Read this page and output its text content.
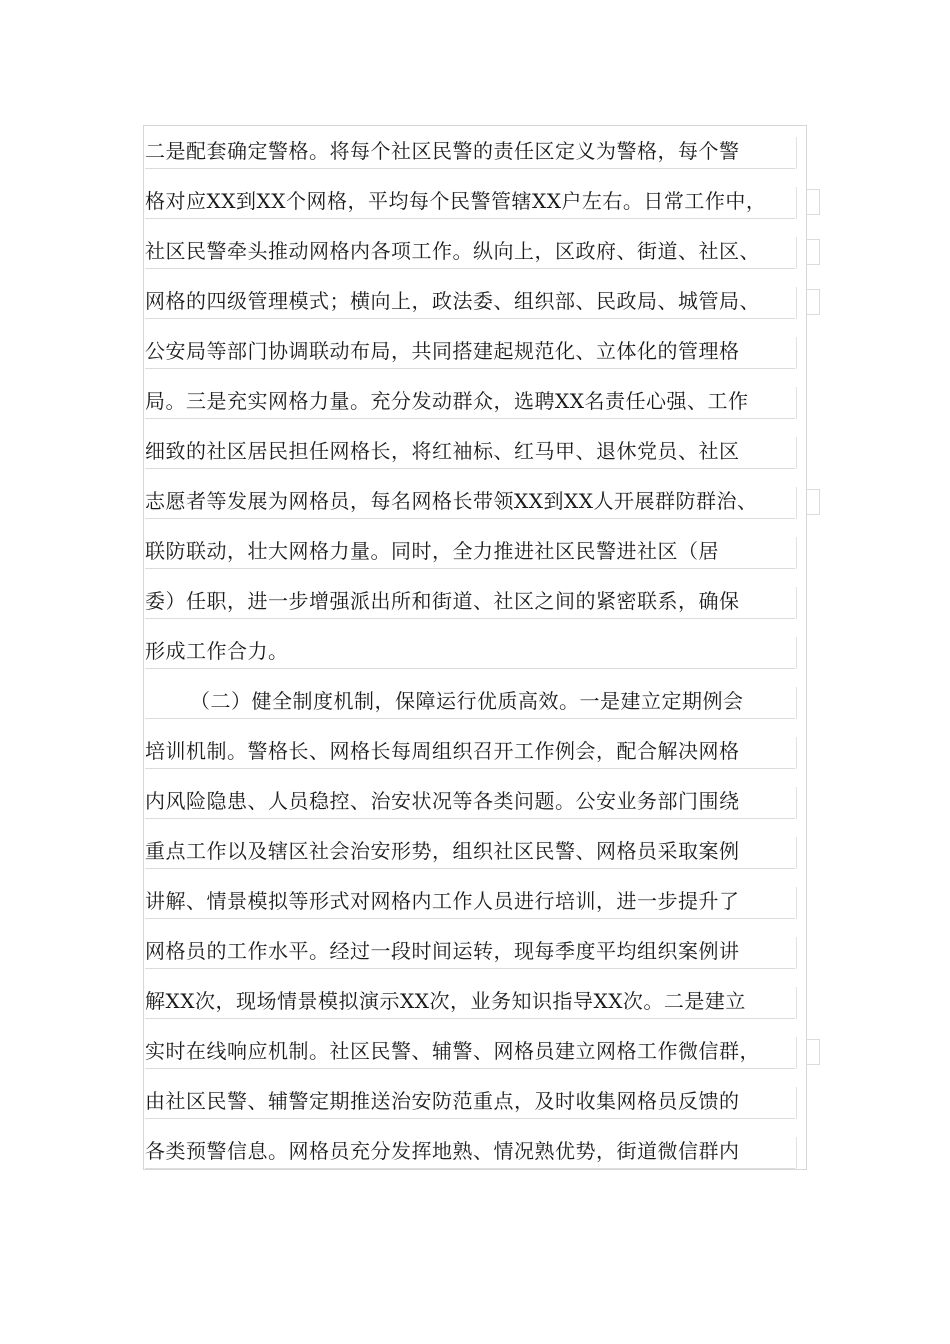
二是配套确定警格。将每个社区民警的责任区定义为警格，每个警
格对应XX到XX个网格，平均每个民警管辖XX户左右。日常工作中，
社区民警牵头推动网格内各项工作。纵向上，区政府、街道、社区、
网格的四级管理模式；横向上，政法委、组织部、民政局、城管局、
公安局等部门协调联动布局，共同搭建起规范化、立体化的管理格
局。三是充实网格力量。充分发动群众，选聘XX名责任心强、工作
细致的社区居民担任网格长，将红袖标、红马甲、退休党员、社区
志愿者等发展为网格员，每名网格长带领XX到XX人开展群防群治、
联防联动，壮大网格力量。同时，全力推进社区民警进社区（居
委）任职，进一步增强派出所和街道、社区之间的紧密联系，确保
形成工作合力。
（二）健全制度机制，保障运行优质高效。一是建立定期例会
培训机制。警格长、网格长每周组织召开工作例会，配合解决网格
内风险隐患、人员稳控、治安状况等各类问题。公安业务部门围绕
重点工作以及辖区社会治安形势，组织社区民警、网格员采取案例
讲解、情景模拟等形式对网格内工作人员进行培训，进一步提升了
网格员的工作水平。经过一段时间运转，现每季度平均组织案例讲
解XX次，现场情景模拟演示XX次，业务知识指导XX次。二是建立
实时在线响应机制。社区民警、辅警、网格员建立网格工作微信群，
由社区民警、辅警定期推送治安防范重点，及时收集网格员反馈的
各类预警信息。网格员充分发挥地熟、情况熟优势，街道微信群内
